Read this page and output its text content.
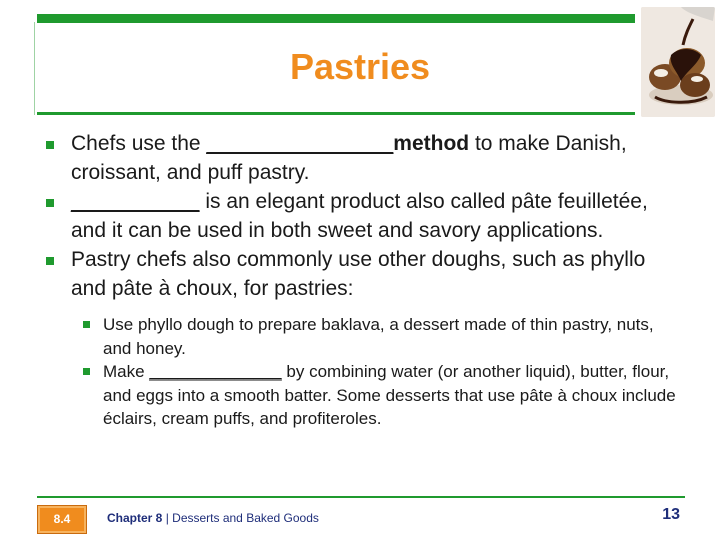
Pastries
Chefs use the ________________method to make Danish, croissant, and puff pastry.
___________ is an elegant product also called pâte feuilletée, and it can be used in both sweet and savory applications.
Pastry chefs also commonly use other doughs, such as phyllo and pâte à choux, for pastries:
Use phyllo dough to prepare baklava, a dessert made of thin pastry, nuts, and honey.
Make ______________ by combining water (or another liquid), butter, flour, and eggs into a smooth batter. Some desserts that use pâte à choux include éclairs, cream puffs, and profiteroles.
8.4	Chapter 8 | Desserts and Baked Goods	13
